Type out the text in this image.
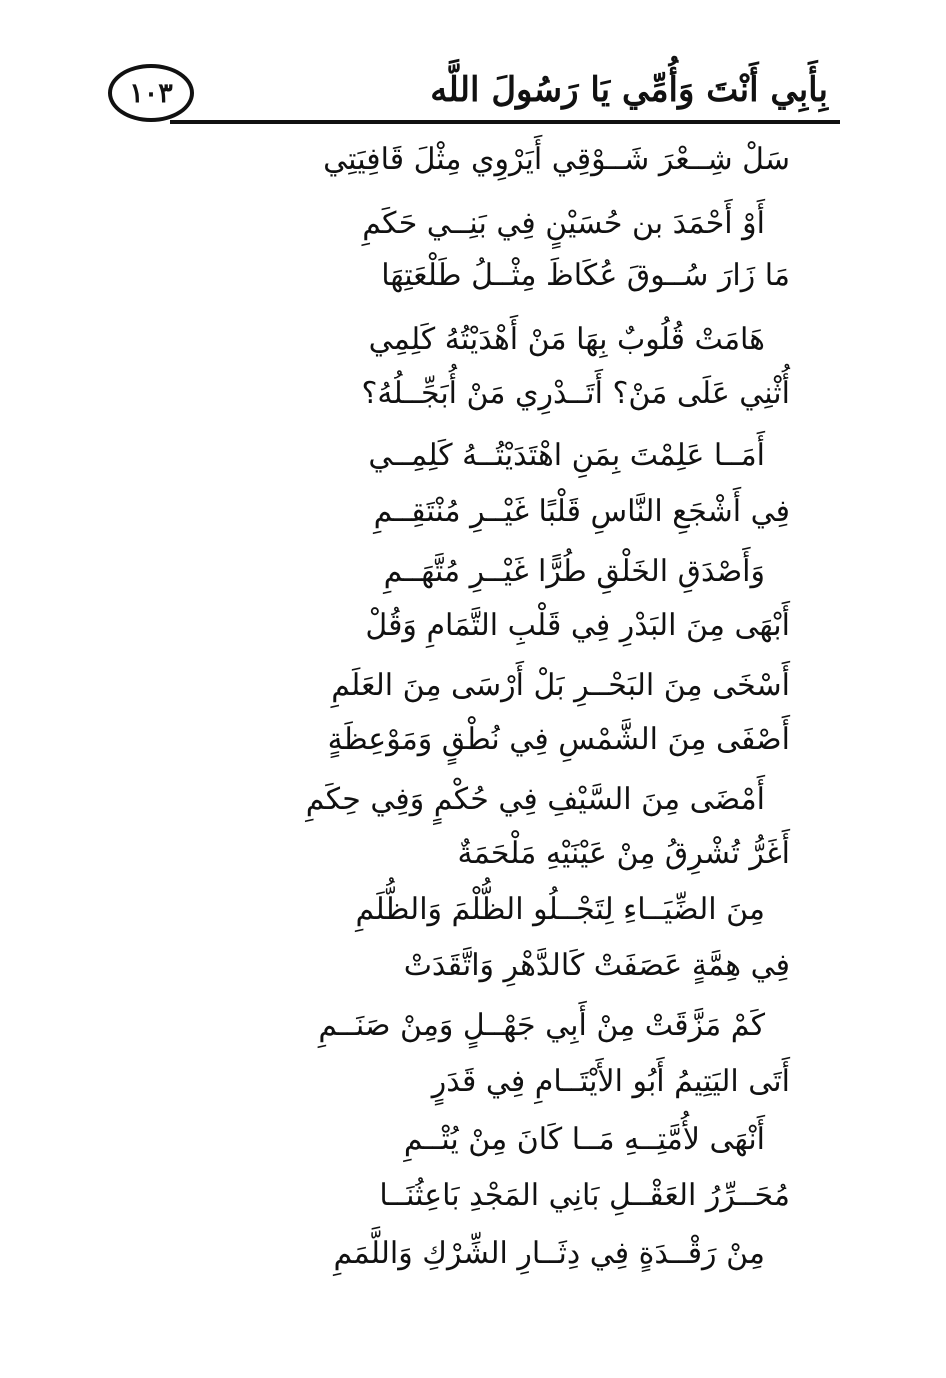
بِأَبِي أَنْتَ وَأُمِّي يَا رَسُولَ اللَّه
١٠٣
سَلْ شِــعْرَ شَــوْقِي أَيَرْوِي مِثْلَ قَافِيَتِي
أَوْ أَحْمَدَ بن حُسَيْنٍ فِي بَنِــي حَكَمِ
مَا زَارَ سُــوقَ عُكَاظَ مِثْــلُ طَلْعَتِهَا
هَامَتْ قُلُوبٌ بِهَا مَنْ أَهْدَيْتُهُ كَلِمِي
أُثْنِي عَلَى مَنْ؟ أَتَــدْرِي مَنْ أُبَجِّــلُهُ؟
أَمَــا عَلِمْتَ بِمَنِ اهْتَدَيْتُــهُ كَلِمِــي
فِي أَشْجَعِ النَّاسِ قَلْبًا غَيْــرِ مُنْتَقِــمِ
وَأَصْدَقِ الخَلْقِ طُرًّا غَيْــرِ مُتَّهَــمِ
أَبْهَى مِنَ البَدْرِ فِي قَلْبِ التَّمَامِ وَقُلْ
أَسْخَى مِنَ البَحْــرِ بَلْ أَرْسَى مِنَ العَلَمِ
أَصْفَى مِنَ الشَّمْسِ فِي نُطْقٍ وَمَوْعِظَةٍ
أَمْضَى مِنَ السَّيْفِ فِي حُكْمٍ وَفِي حِكَمِ
أَغَرُّ تُشْرِقُ مِنْ عَيْنَيْهِ مَلْحَمَةٌ
مِنَ الضِّيَــاءِ لِتَجْــلُو الظُّلْمَ وَالظُّلَمِ
فِي هِمَّةٍ عَصَفَتْ كَالدَّهْرِ وَاتَّقَدَتْ
كَمْ مَزَّقَتْ مِنْ أَبِي جَهْــلٍ وَمِنْ صَنَــمِ
أَتَى اليَتِيمُ أَبُو الأَيْتَــامِ فِي قَدَرٍ
أَنْهَى لأُمَّتِــهِ مَــا كَانَ مِنْ يُتْــمِ
مُحَــرِّرُ العَقْــلِ بَانِي المَجْدِ بَاعِثُنَــا
مِنْ رَقْــدَةٍ فِي دِثَــارِ الشِّرْكِ وَاللَّمَمِ
